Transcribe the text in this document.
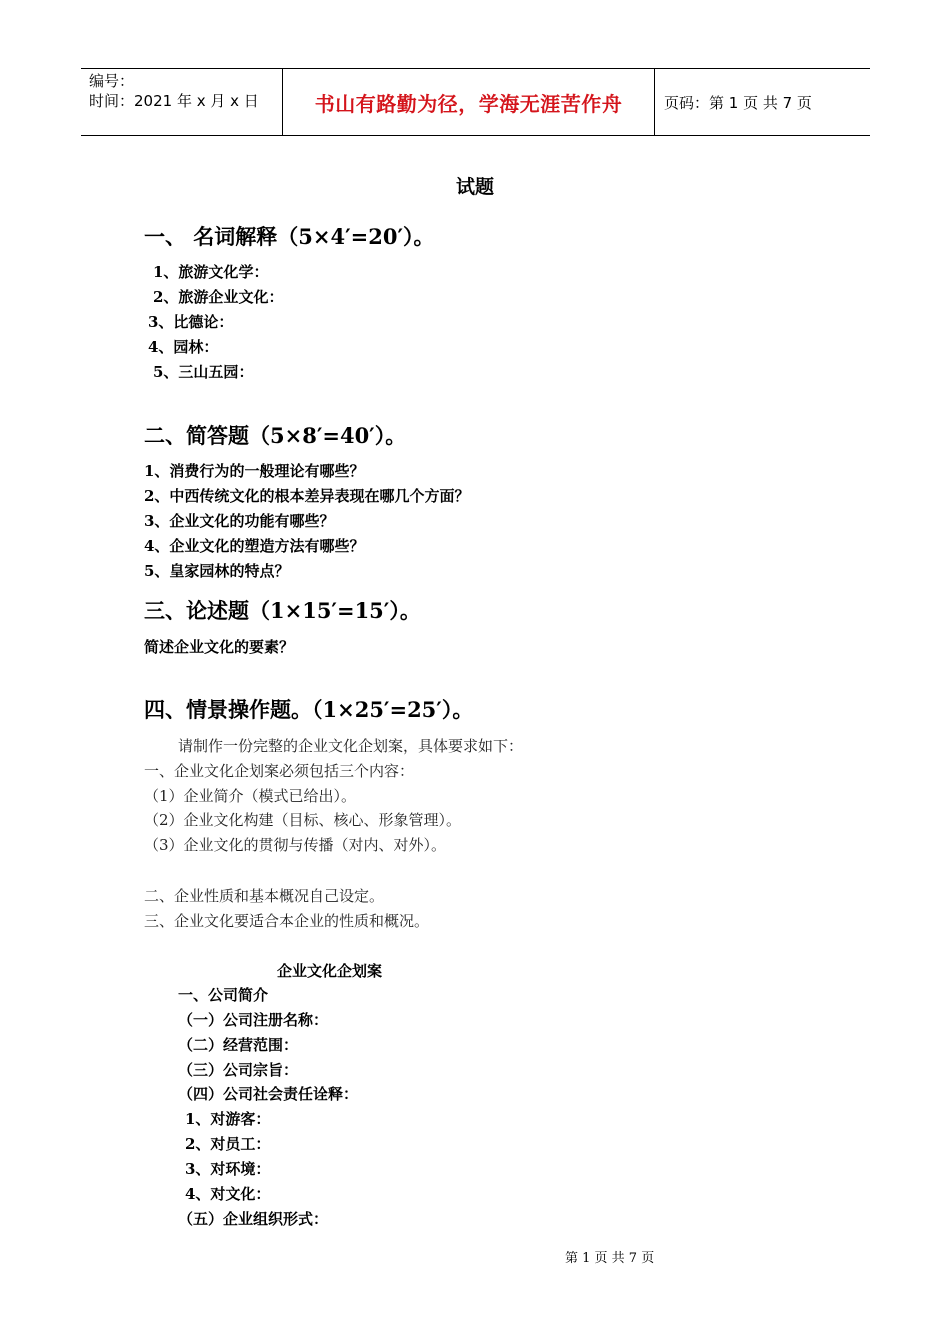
编号：
时间：2021 年 x 月 x 日	书山有路勤为径，学海无涯苦作舟	页码：第 1 页 共 7 页
试题
一、 名词解释（5×4′=20′）。
1、旅游文化学：
2、旅游企业文化：
3、比德论：
4、园林：
5、三山五园：
二、简答题（5×8′=40′）。
1、消费行为的一般理论有哪些？
2、中西传统文化的根本差异表现在哪几个方面？
3、企业文化的功能有哪些？
4、企业文化的塑造方法有哪些？
5、皇家园林的特点？
三、论述题（1×15′=15′）。
简述企业文化的要素？
四、情景操作题。（1×25′=25′）。
请制作一份完整的企业文化企划案，具体要求如下：
一、企业文化企划案必须包括三个内容：
（1）企业简介（模式已给出）。
（2）企业文化构建（目标、核心、形象管理）。
（3）企业文化的贯彻与传播（对内、对外）。
二、企业性质和基本概况自己设定。
三、企业文化要适合本企业的性质和概况。
企业文化企划案
一、公司简介
（一）公司注册名称：
（二）经营范围：
（三）公司宗旨：
（四）公司社会责任诠释：
1、对游客：
2、对员工：
3、对环境：
4、对文化：
（五）企业组织形式：
第 1 页 共 7 页
